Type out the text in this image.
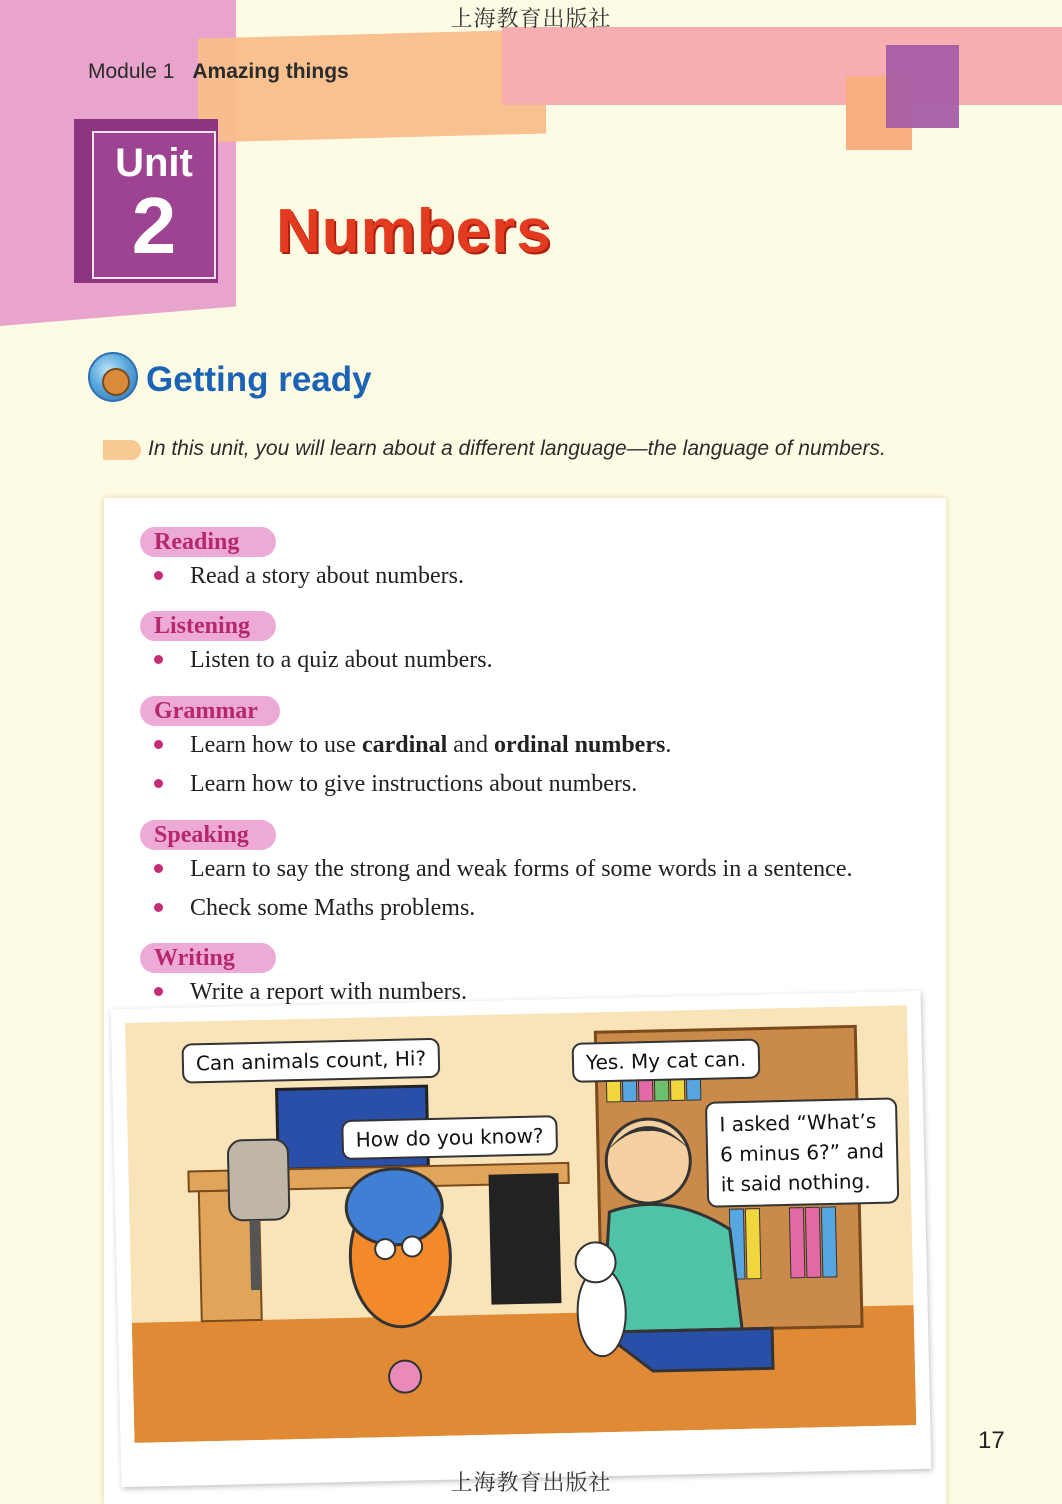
上海教育出版社
Module 1 Amazing things
Unit
2	Numbers
Getting ready
In this unit, you will learn about a different language—the language of numbers.
Reading
Read a story about numbers.
Listening
Listen to a quiz about numbers.
Grammar
Learn how to use cardinal and ordinal numbers.
Learn how to give instructions about numbers.
Speaking
Learn to say the strong and weak forms of some words in a sentence.
Check some Maths problems.
Writing
Write a report with numbers.
Can animals count, Hi?
How do you know?
Yes. My cat can.
I asked “What’s
6 minus 6?” and
it said nothing.
17
上海教育出版社
